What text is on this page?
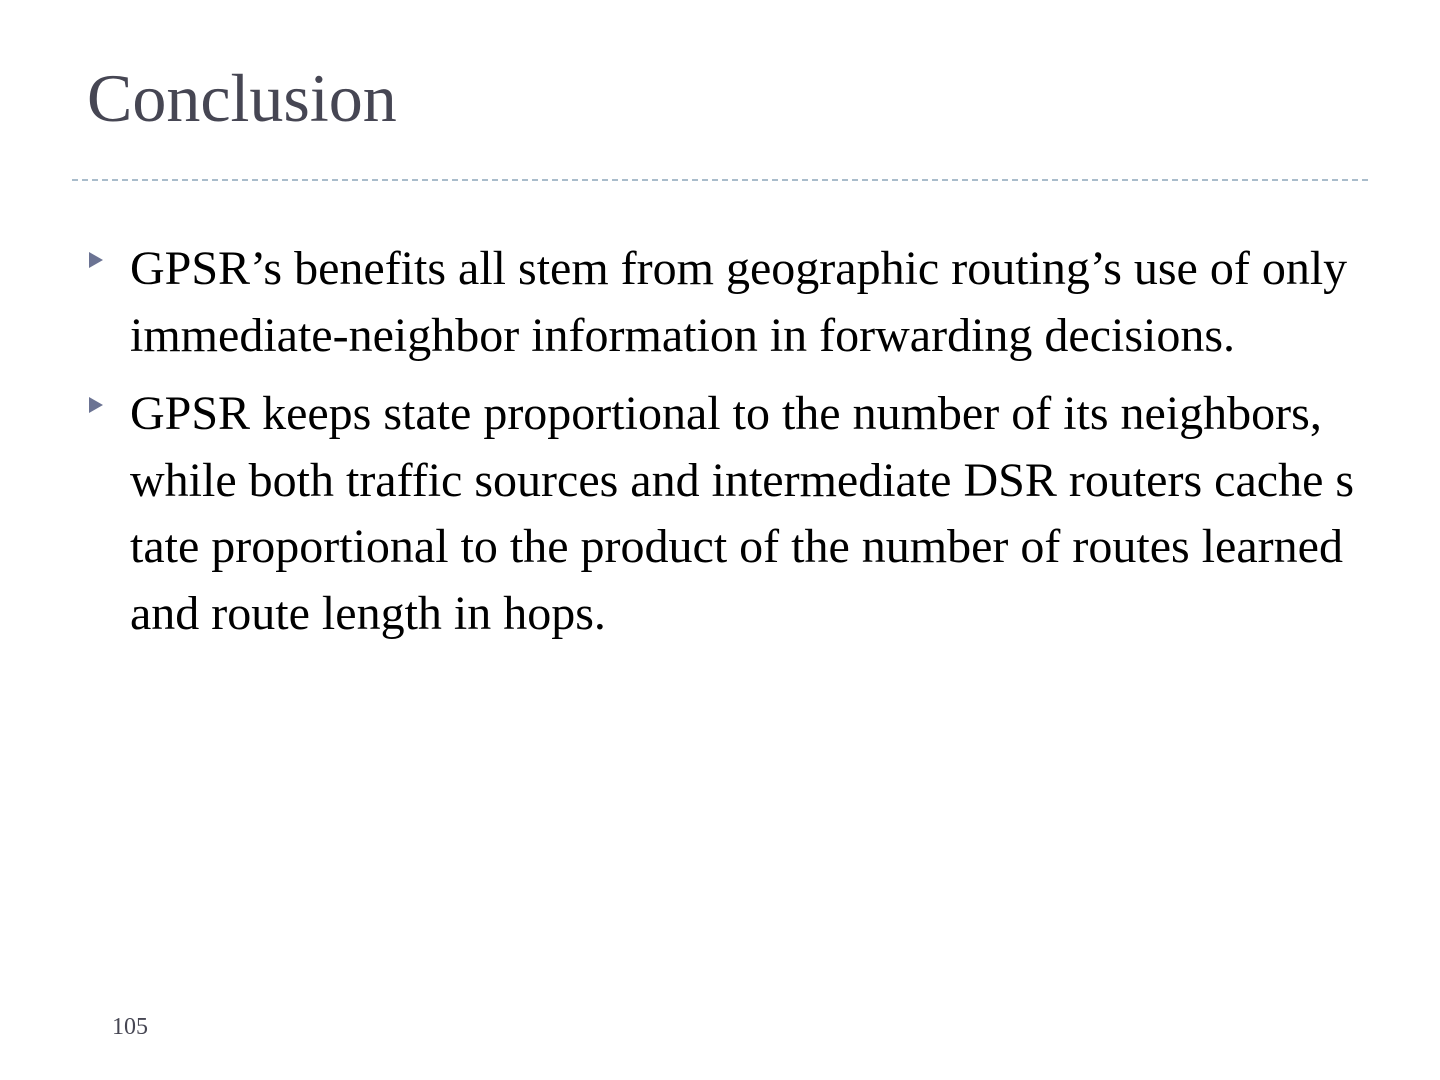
Conclusion
GPSR’s benefits all stem from geographic routing’s use of only immediate-neighbor information in forwarding decisions.
GPSR keeps state proportional to the number of its neighbors, while both traffic sources and intermediate DSR routers cache state proportional to the product of the number of routes learned and route length in hops.
105
